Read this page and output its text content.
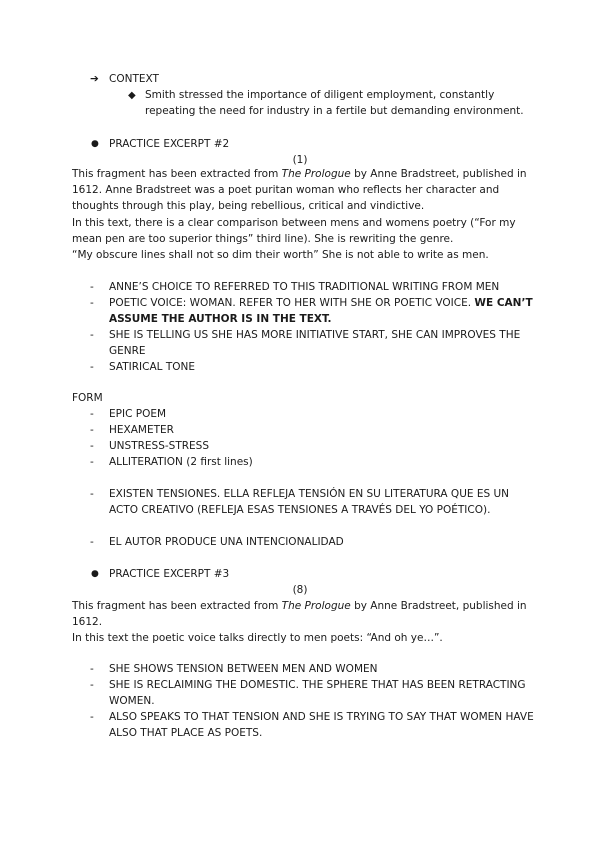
➔ CONTEXT
◆ Smith stressed the importance of diligent employment, constantly repeating the need for industry in a fertile but demanding environment.
● PRACTICE EXCERPT #2
(1)
This fragment has been extracted from The Prologue by Anne Bradstreet, published in 1612. Anne Bradstreet was a poet puritan woman who reflects her character and thoughts through this play, being rebellious, critical and vindictive.
In this text, there is a clear comparison between mens and womens poetry (“For my mean pen are too superior things” third line). She is rewriting the genre.
“My obscure lines shall not so dim their worth” She is not able to write as men.
- ANNE’S CHOICE TO REFERRED TO THIS TRADITIONAL WRITING FROM MEN
- POETIC VOICE: WOMAN. REFER TO HER WITH SHE OR POETIC VOICE. WE CAN’T ASSUME THE AUTHOR IS IN THE TEXT.
- SHE IS TELLING US SHE HAS MORE INITIATIVE START, SHE CAN IMPROVES THE GENRE
- SATIRICAL TONE
FORM
- EPIC POEM
- HEXAMETER
- UNSTRESS-STRESS
- ALLITERATION (2 first lines)
- EXISTEN TENSIONES. ELLA REFLEJA TENSIÓN EN SU LITERATURA QUE ES UN ACTO CREATIVO (REFLEJA ESAS TENSIONES A TRAVÉS DEL YO POÉTICO).
- EL AUTOR PRODUCE UNA INTENCIONALIDAD
● PRACTICE EXCERPT #3
(8)
This fragment has been extracted from The Prologue by Anne Bradstreet, published in 1612.
In this text the poetic voice talks directly to men poets: “And oh ye…”.
- SHE SHOWS TENSION BETWEEN MEN AND WOMEN
- SHE IS RECLAIMING THE DOMESTIC. THE SPHERE THAT HAS BEEN RETRACTING WOMEN.
- ALSO SPEAKS TO THAT TENSION AND SHE IS TRYING TO SAY THAT WOMEN HAVE ALSO THAT PLACE AS POETS.
